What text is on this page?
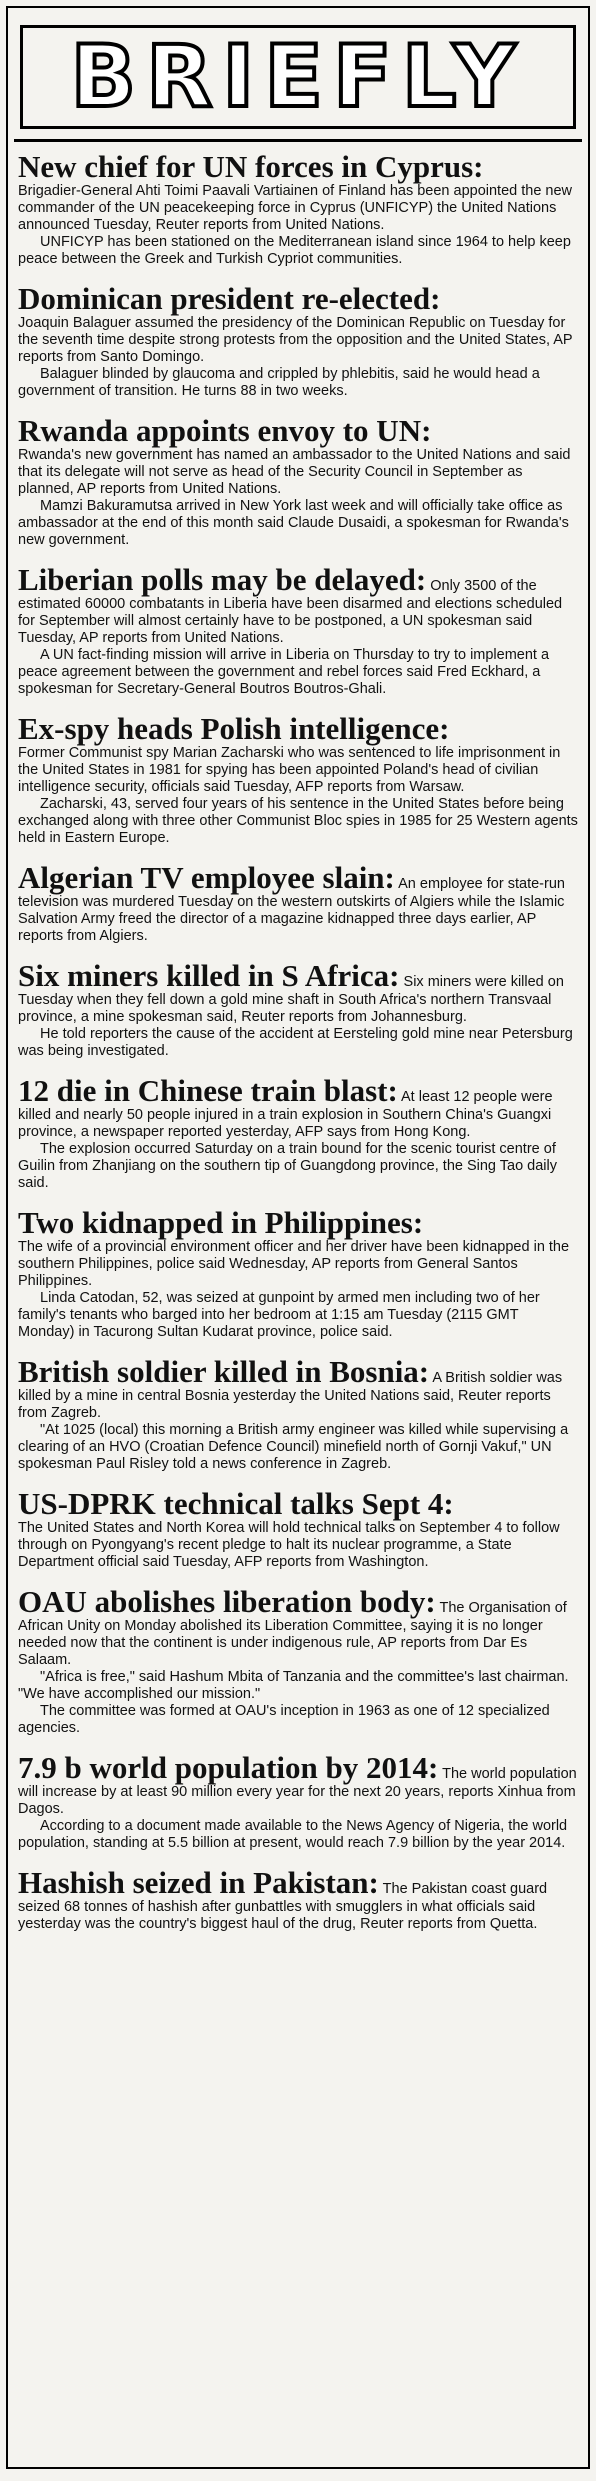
BRIEFLY
New chief for UN forces in Cyprus:

Brigadier-General Ahti Toimi Paavali Vartiainen of Finland has been appointed the new commander of the UN peacekeeping force in Cyprus (UNFICYP) the United Nations announced Tuesday, Reuter reports from United Nations.

UNFICYP has been stationed on the Mediterranean island since 1964 to help keep peace between the Greek and Turkish Cypriot communities.

Dominican president re-elected:

Joaquin Balaguer assumed the presidency of the Dominican Republic on Tuesday for the seventh time despite strong protests from the opposition and the United States, AP reports from Santo Domingo.

Balaguer blinded by glaucoma and crippled by phlebitis, said he would head a government of transition. He turns 88 in two weeks.

Rwanda appoints envoy to UN:

Rwanda's new government has named an ambassador to the United Nations and said that its delegate will not serve as head of the Security Council in September as planned, AP reports from United Nations.

Mamzi Bakuramutsa arrived in New York last week and will officially take office as ambassador at the end of this month said Claude Dusaidi, a spokesman for Rwanda's new government.

Liberian polls may be delayed: Only 3500 of the estimated 60000 combatants in Liberia have been disarmed and elections scheduled for September will almost certainly have to be postponed, a UN spokesman said Tuesday, AP reports from United Nations.

A UN fact-finding mission will arrive in Liberia on Thursday to try to implement a peace agreement between the government and rebel forces said Fred Eckhard, a spokesman for Secretary-General Boutros Boutros-Ghali.

Ex-spy heads Polish intelligence:

Former Communist spy Marian Zacharski who was sentenced to life imprisonment in the United States in 1981 for spying has been appointed Poland's head of civilian intelligence security, officials said Tuesday, AFP reports from Warsaw.

Zacharski, 43, served four years of his sentence in the United States before being exchanged along with three other Communist Bloc spies in 1985 for 25 Western agents held in Eastern Europe.

Algerian TV employee slain: An employee for state-run television was murdered Tuesday on the western outskirts of Algiers while the Islamic Salvation Army freed the director of a magazine kidnapped three days earlier, AP reports from Algiers.

Six miners killed in S Africa: Six miners were killed on Tuesday when they fell down a gold mine shaft in South Africa's northern Transvaal province, a mine spokesman said, Reuter reports from Johannesburg.

He told reporters the cause of the accident at Eersteling gold mine near Petersburg was being investigated.

12 die in Chinese train blast: At least 12 people were killed and nearly 50 people injured in a train explosion in Southern China's Guangxi province, a newspaper reported yesterday, AFP says from Hong Kong.

The explosion occurred Saturday on a train bound for the scenic tourist centre of Guilin from Zhanjiang on the southern tip of Guangdong province, the Sing Tao daily said.

Two kidnapped in Philippines:

The wife of a provincial environment officer and her driver have been kidnapped in the southern Philippines, police said Wednesday, AP reports from General Santos Philippines.

Linda Catodan, 52, was seized at gunpoint by armed men including two of her family's tenants who barged into her bedroom at 1:15 am Tuesday (2115 GMT Monday) in Tacurong Sultan Kudarat province, police said.

British soldier killed in Bosnia: A British soldier was killed by a mine in central Bosnia yesterday the United Nations said, Reuter reports from Zagreb.

"At 1025 (local) this morning a British army engineer was killed while supervising a clearing of an HVO (Croatian Defence Council) minefield north of Gornji Vakuf," UN spokesman Paul Risley told a news conference in Zagreb.

US-DPRK technical talks Sept 4:

The United States and North Korea will hold technical talks on September 4 to follow through on Pyongyang's recent pledge to halt its nuclear programme, a State Department official said Tuesday, AFP reports from Washington.

OAU abolishes liberation body: The Organisation of African Unity on Monday abolished its Liberation Committee, saying it is no longer needed now that the continent is under indigenous rule, AP reports from Dar Es Salaam.

"Africa is free," said Hashum Mbita of Tanzania and the committee's last chairman. "We have accomplished our mission."

The committee was formed at OAU's inception in 1963 as one of 12 specialized agencies.

7.9 b world population by 2014: The world population will increase by at least 90 million every year for the next 20 years, reports Xinhua from Dagos.

According to a document made available to the News Agency of Nigeria, the world population, standing at 5.5 billion at present, would reach 7.9 billion by the year 2014.

Hashish seized in Pakistan: The Pakistan coast guard seized 68 tonnes of hashish after gunbattles with smugglers in what officials said yesterday was the country's biggest haul of the drug, Reuter reports from Quetta.
